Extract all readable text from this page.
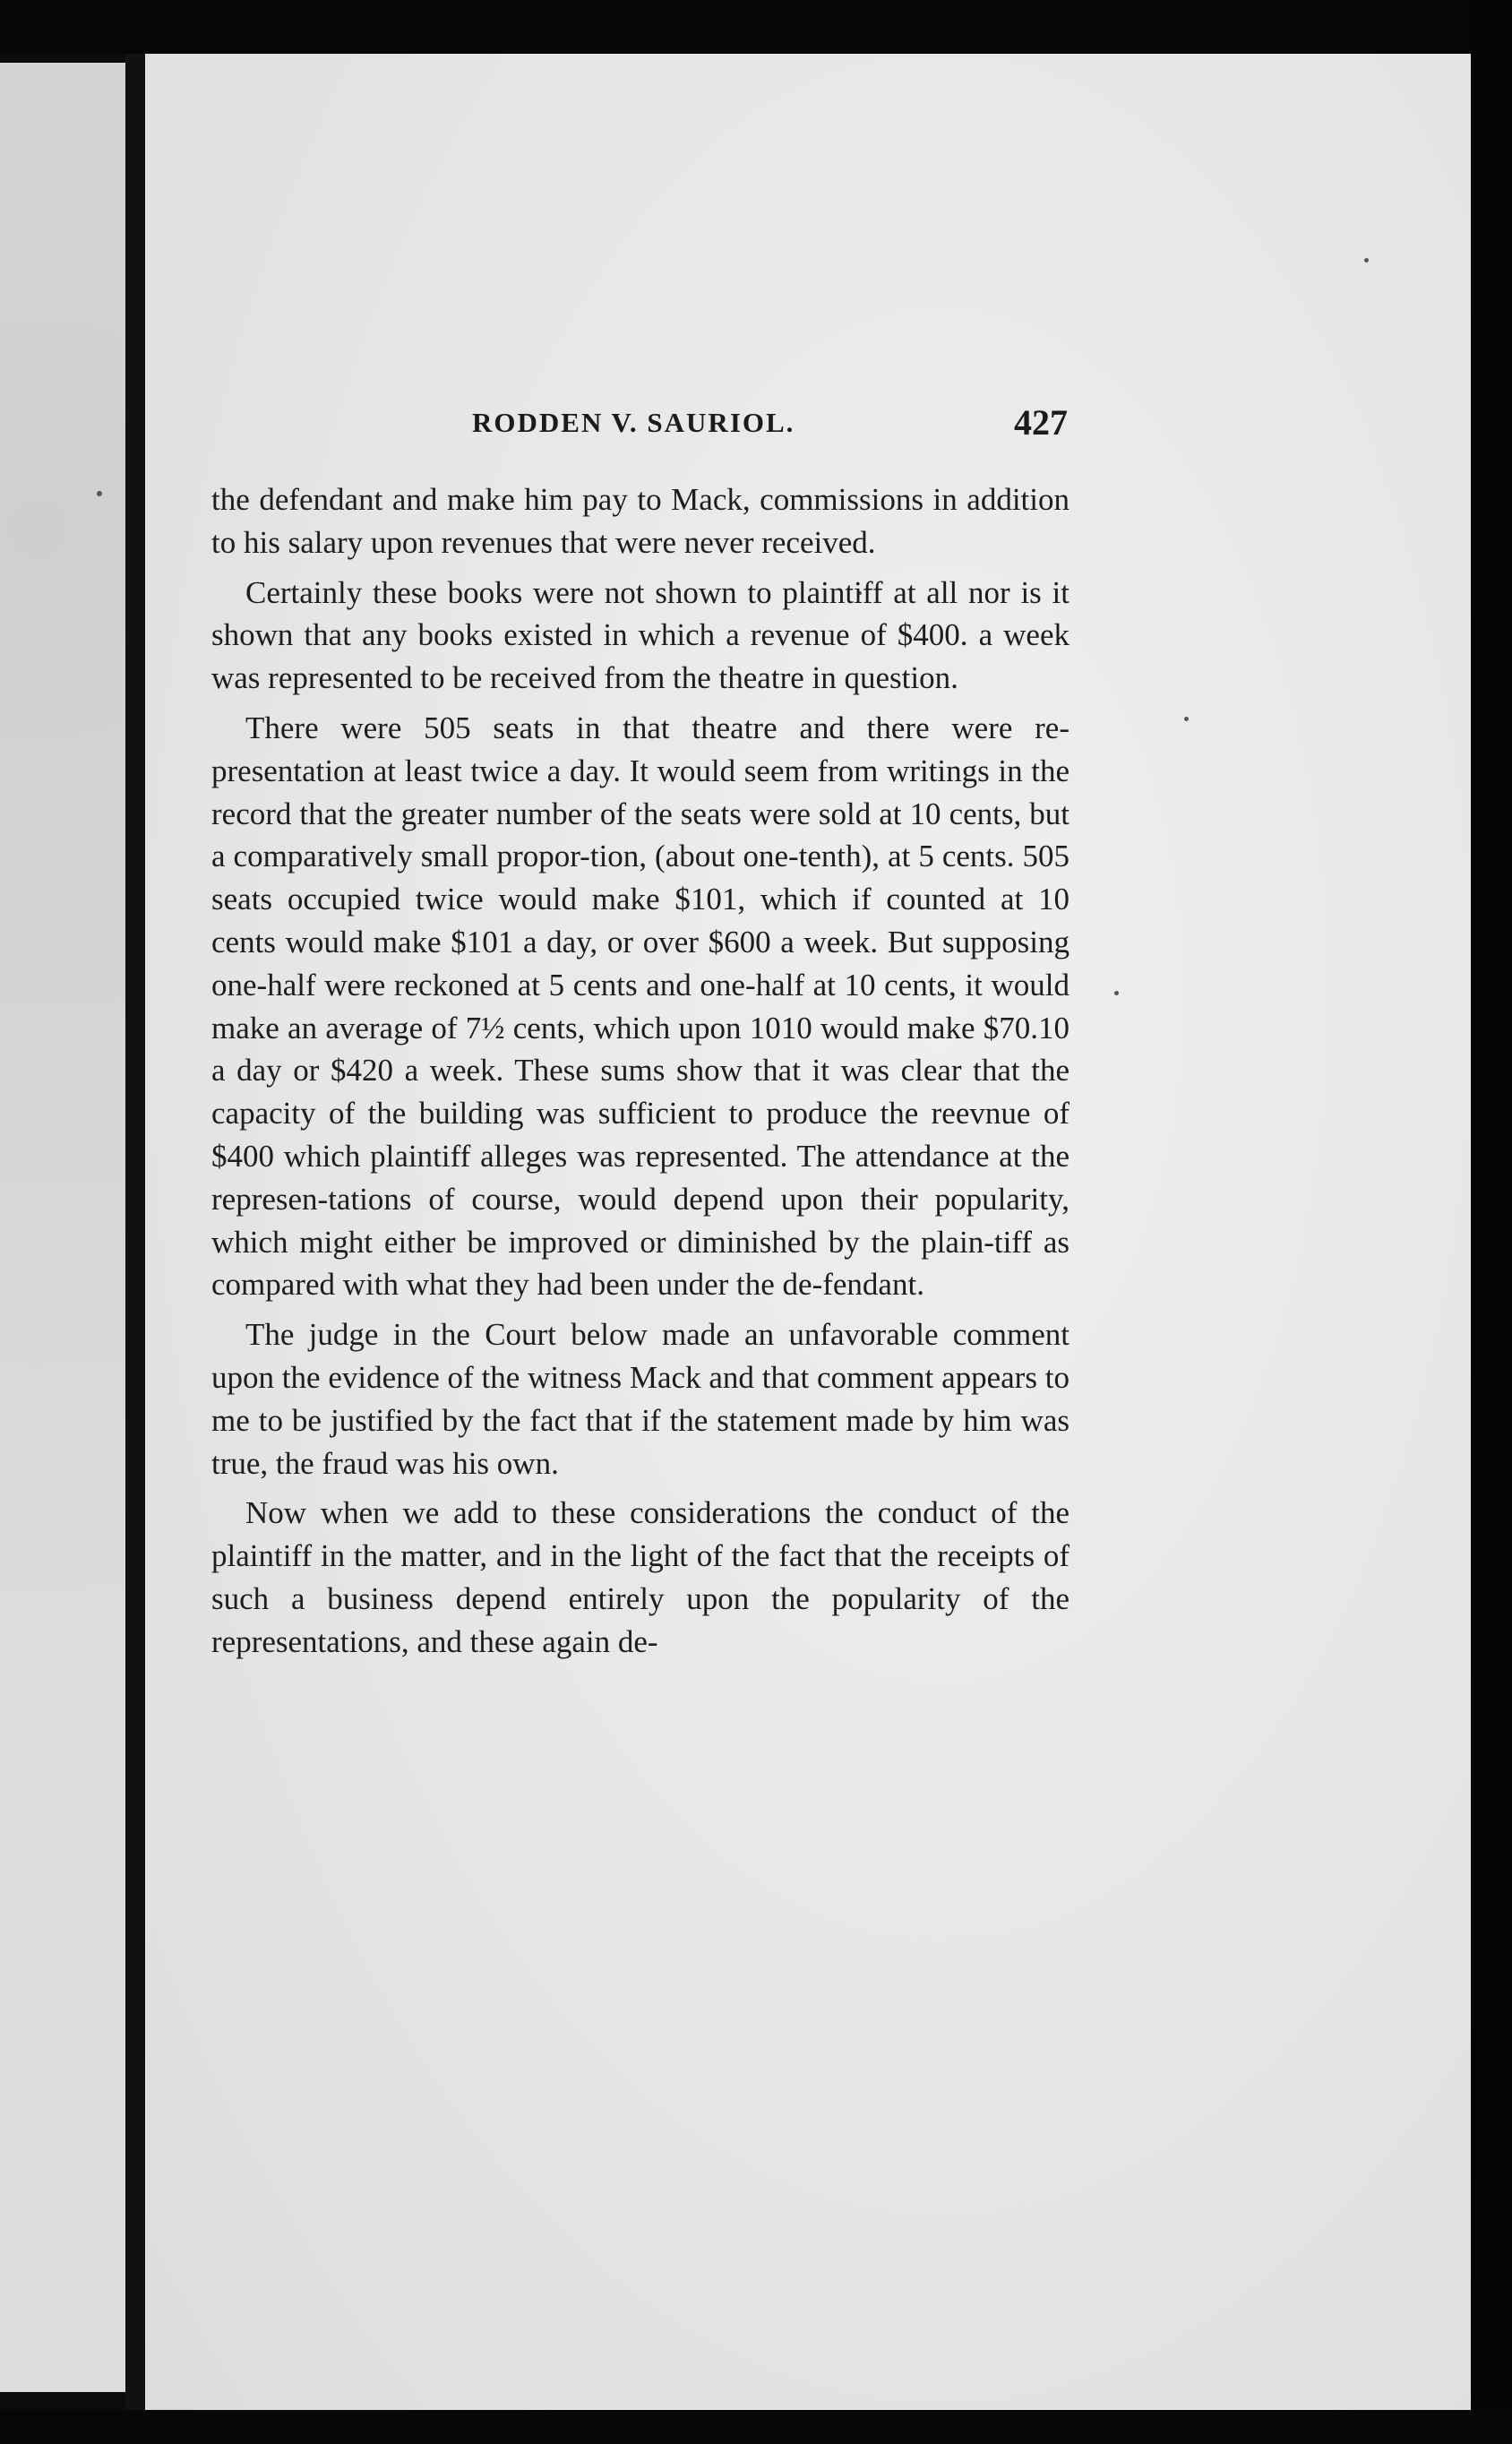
RODDEN V. SAURIOL.	427

the defendant and make him pay to Mack, commissions in addition to his salary upon revenues that were never received.

Certainly these books were not shown to plaintiff at all nor is it shown that any books existed in which a revenue of $400. a week was represented to be received from the theatre in question.

There were 505 seats in that theatre and there were re-presentation at least twice a day. It would seem from writings in the record that the greater number of the seats were sold at 10 cents, but a comparatively small propor-tion, (about one-tenth), at 5 cents. 505 seats occupied twice would make $101, which if counted at 10 cents would make $101 a day, or over $600 a week. But supposing one-half were reckoned at 5 cents and one-half at 10 cents, it would make an average of 7½ cents, which upon 1010 would make $70.10 a day or $420 a week. These sums show that it was clear that the capacity of the building was sufficient to produce the reevnue of $400 which plaintiff alleges was represented. The attendance at the represen-tations of course, would depend upon their popularity, which might either be improved or diminished by the plain-tiff as compared with what they had been under the de-fendant.

The judge in the Court below made an unfavorable comment upon the evidence of the witness Mack and that comment appears to me to be justified by the fact that if the statement made by him was true, the fraud was his own.

Now when we add to these considerations the conduct of the plaintiff in the matter, and in the light of the fact that the receipts of such a business depend entirely upon the popularity of the representations, and these again de-
